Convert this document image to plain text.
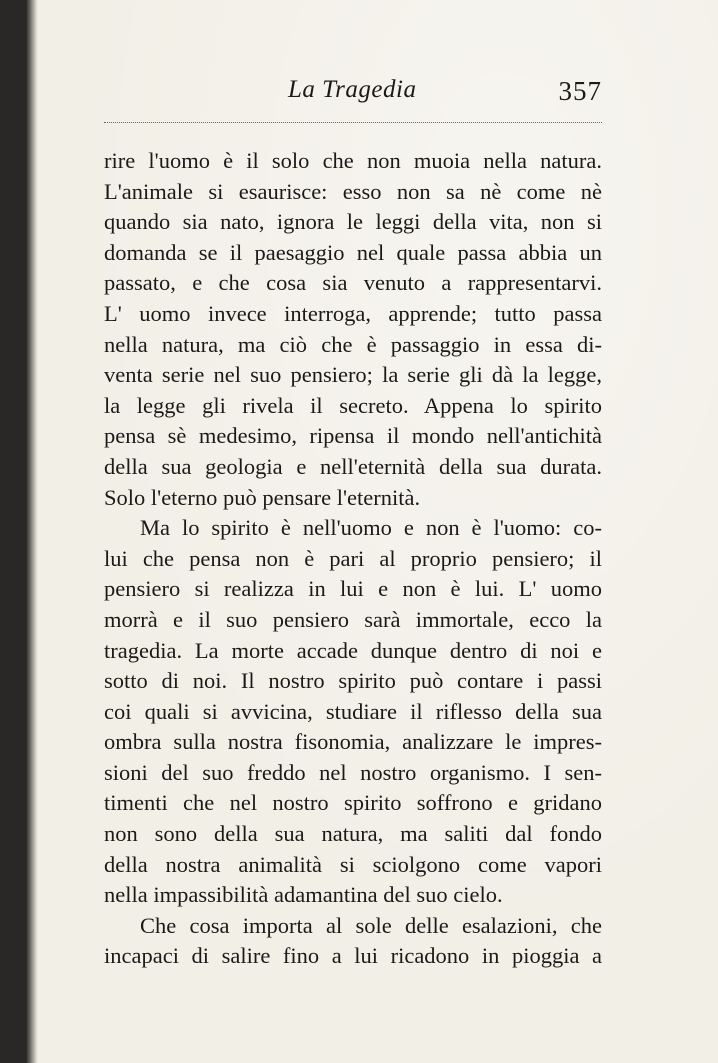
La Tragedia	357
rire l'uomo è il solo che non muoia nella natura.
L'animale si esaurisce: esso non sa nè come nè
quando sia nato, ignora le leggi della vita, non si
domanda se il paesaggio nel quale passa abbia un
passato, e che cosa sia venuto a rappresentarvi.
L' uomo invece interroga, apprende; tutto passa
nella natura, ma ciò che è passaggio in essa di-
venta serie nel suo pensiero; la serie gli dà la legge,
la legge gli rivela il secreto. Appena lo spirito
pensa sè medesimo, ripensa il mondo nell'antichità
della sua geologia e nell'eternità della sua durata.
Solo l'eterno può pensare l'eternità.
Ma lo spirito è nell'uomo e non è l'uomo: co-
lui che pensa non è pari al proprio pensiero; il
pensiero si realizza in lui e non è lui. L' uomo
morrà e il suo pensiero sarà immortale, ecco la
tragedia. La morte accade dunque dentro di noi e
sotto di noi. Il nostro spirito può contare i passi
coi quali si avvicina, studiare il riflesso della sua
ombra sulla nostra fisonomia, analizzare le impres-
sioni del suo freddo nel nostro organismo. I sen-
timenti che nel nostro spirito soffrono e gridano
non sono della sua natura, ma saliti dal fondo
della nostra animalità si sciolgono come vapori
nella impassibilità adamantina del suo cielo.
Che cosa importa al sole delle esalazioni, che
incapaci di salire fino a lui ricadono in pioggia a
